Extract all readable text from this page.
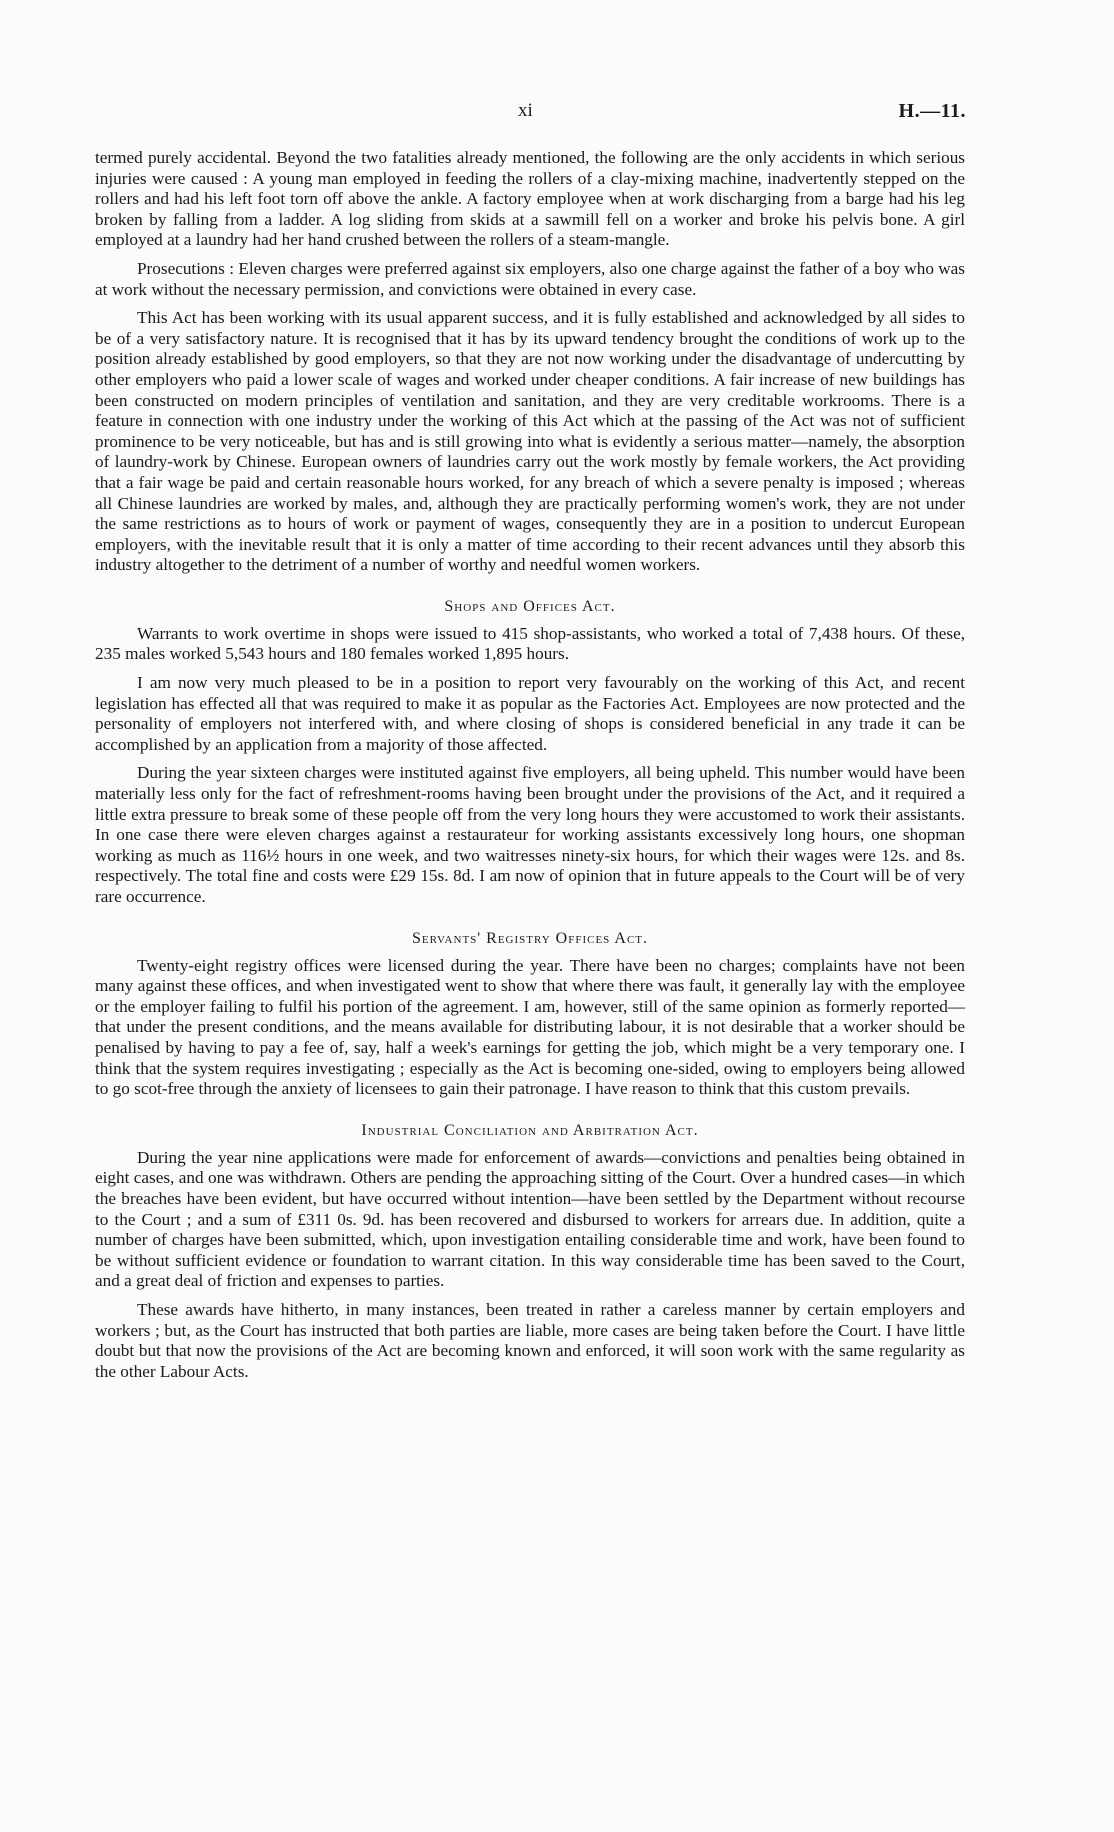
xi	H.—11.

termed purely accidental. Beyond the two fatalities already mentioned, the following are the only accidents in which serious injuries were caused : A young man employed in feeding the rollers of a clay-mixing machine, inadvertently stepped on the rollers and had his left foot torn off above the ankle. A factory employee when at work discharging from a barge had his leg broken by falling from a ladder. A log sliding from skids at a sawmill fell on a worker and broke his pelvis bone. A girl employed at a laundry had her hand crushed between the rollers of a steam-mangle.

Prosecutions : Eleven charges were preferred against six employers, also one charge against the father of a boy who was at work without the necessary permission, and convictions were obtained in every case.

This Act has been working with its usual apparent success, and it is fully established and acknowledged by all sides to be of a very satisfactory nature. It is recognised that it has by its upward tendency brought the conditions of work up to the position already established by good employers, so that they are not now working under the disadvantage of undercutting by other employers who paid a lower scale of wages and worked under cheaper conditions. A fair increase of new buildings has been constructed on modern principles of ventilation and sanitation, and they are very creditable workrooms. There is a feature in connection with one industry under the working of this Act which at the passing of the Act was not of sufficient prominence to be very noticeable, but has and is still growing into what is evidently a serious matter—namely, the absorption of laundry-work by Chinese. European owners of laundries carry out the work mostly by female workers, the Act providing that a fair wage be paid and certain reasonable hours worked, for any breach of which a severe penalty is imposed ; whereas all Chinese laundries are worked by males, and, although they are practically performing women's work, they are not under the same restrictions as to hours of work or payment of wages, consequently they are in a position to undercut European employers, with the inevitable result that it is only a matter of time according to their recent advances until they absorb this industry altogether to the detriment of a number of worthy and needful women workers.

Shops and Offices Act.

Warrants to work overtime in shops were issued to 415 shop-assistants, who worked a total of 7,438 hours. Of these, 235 males worked 5,543 hours and 180 females worked 1,895 hours.

I am now very much pleased to be in a position to report very favourably on the working of this Act, and recent legislation has effected all that was required to make it as popular as the Factories Act. Employees are now protected and the personality of employers not interfered with, and where closing of shops is considered beneficial in any trade it can be accomplished by an application from a majority of those affected.

During the year sixteen charges were instituted against five employers, all being upheld. This number would have been materially less only for the fact of refreshment-rooms having been brought under the provisions of the Act, and it required a little extra pressure to break some of these people off from the very long hours they were accustomed to work their assistants. In one case there were eleven charges against a restaurateur for working assistants excessively long hours, one shopman working as much as 116½ hours in one week, and two waitresses ninety-six hours, for which their wages were 12s. and 8s. respectively. The total fine and costs were £29 15s. 8d. I am now of opinion that in future appeals to the Court will be of very rare occurrence.

Servants' Registry Offices Act.

Twenty-eight registry offices were licensed during the year. There have been no charges; complaints have not been many against these offices, and when investigated went to show that where there was fault, it generally lay with the employee or the employer failing to fulfil his portion of the agreement. I am, however, still of the same opinion as formerly reported—that under the present conditions, and the means available for distributing labour, it is not desirable that a worker should be penalised by having to pay a fee of, say, half a week's earnings for getting the job, which might be a very temporary one. I think that the system requires investigating ; especially as the Act is becoming one-sided, owing to employers being allowed to go scot-free through the anxiety of licensees to gain their patronage. I have reason to think that this custom prevails.

Industrial Conciliation and Arbitration Act.

During the year nine applications were made for enforcement of awards—convictions and penalties being obtained in eight cases, and one was withdrawn. Others are pending the approaching sitting of the Court. Over a hundred cases—in which the breaches have been evident, but have occurred without intention—have been settled by the Department without recourse to the Court ; and a sum of £311 0s. 9d. has been recovered and disbursed to workers for arrears due. In addition, quite a number of charges have been submitted, which, upon investigation entailing considerable time and work, have been found to be without sufficient evidence or foundation to warrant citation. In this way considerable time has been saved to the Court, and a great deal of friction and expenses to parties.

These awards have hitherto, in many instances, been treated in rather a careless manner by certain employers and workers ; but, as the Court has instructed that both parties are liable, more cases are being taken before the Court. I have little doubt but that now the provisions of the Act are becoming known and enforced, it will soon work with the same regularity as the other Labour Acts.
